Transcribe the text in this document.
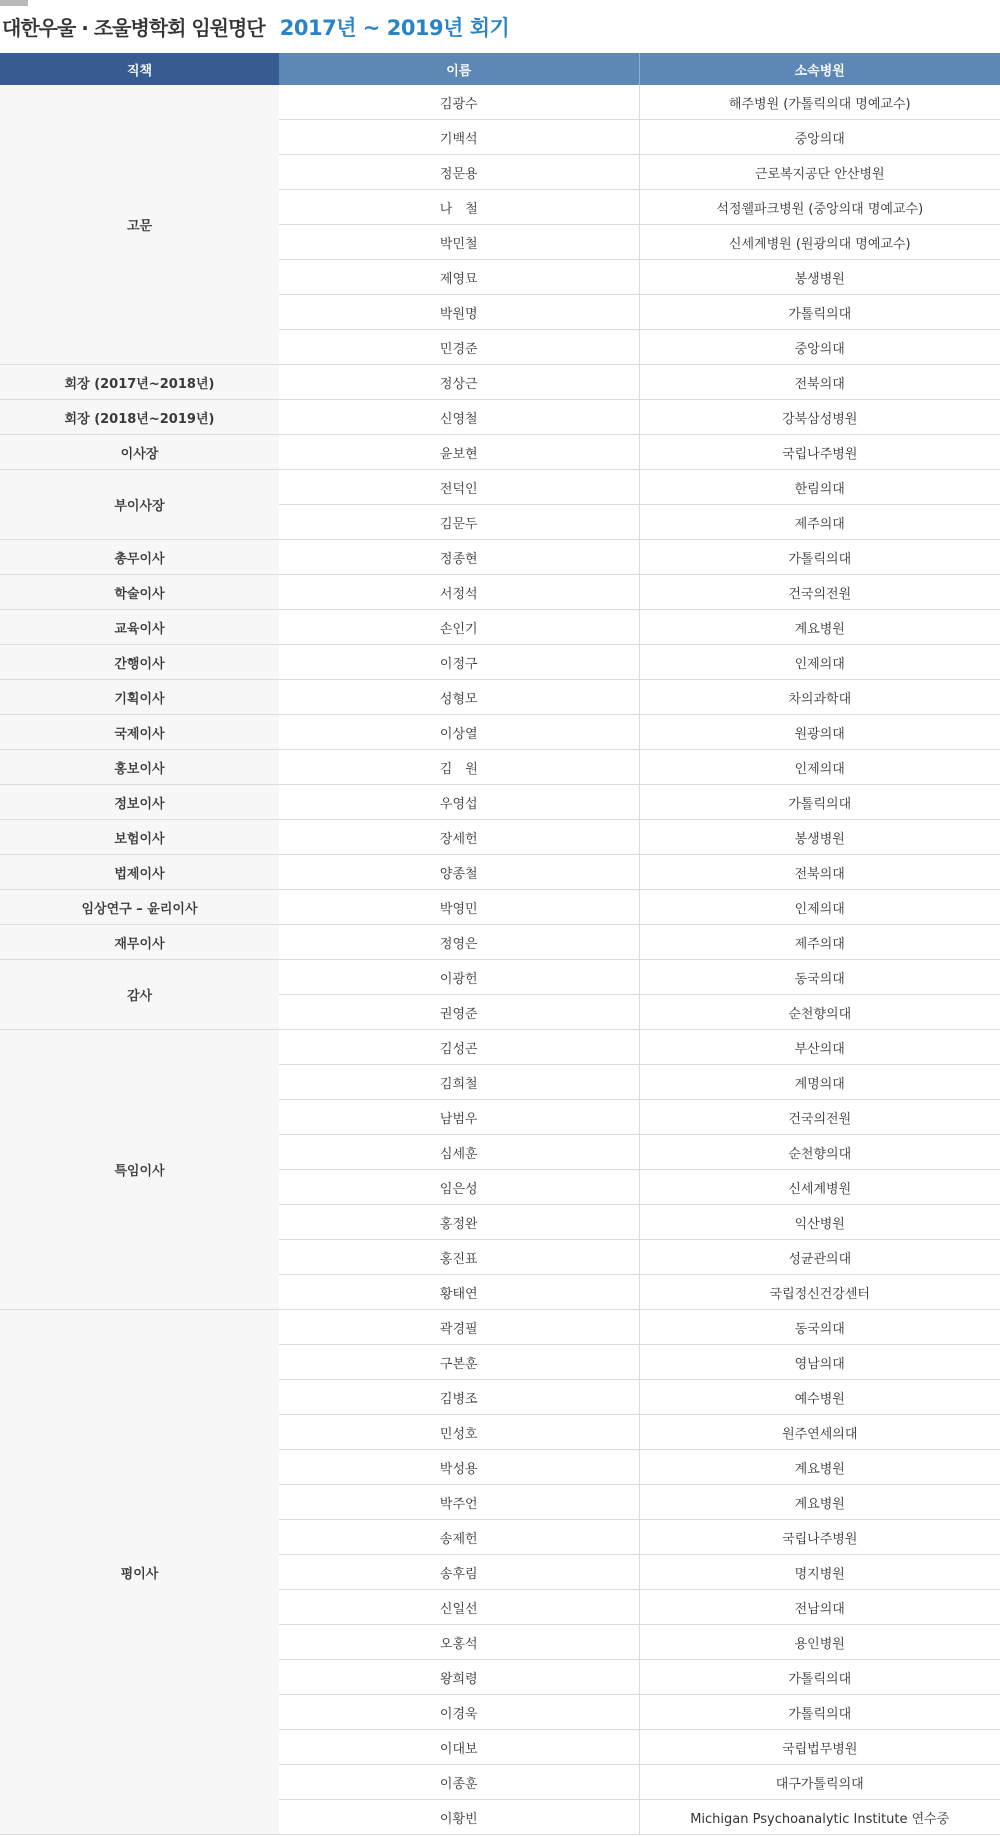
대한우울 · 조울병학회 임원명단 2017년 ~ 2019년 회기
직책	이름	소속병원
고문	김광수	해주병원 (가톨릭의대 명예교수)
	기백석	중앙의대
	정문용	근로복지공단 안산병원
	나　철	석정웰파크병원 (중앙의대 명예교수)
	박민철	신세계병원 (원광의대 명예교수)
	제영묘	봉생병원
	박원명	가톨릭의대
	민경준	중앙의대
회장 (2017년~2018년)	정상근	전북의대
회장 (2018년~2019년)	신영철	강북삼성병원
이사장	윤보현	국립나주병원
부이사장	전덕인	한림의대
	김문두	제주의대
총무이사	정종현	가톨릭의대
학술이사	서정석	건국의전원
교육이사	손인기	계요병원
간행이사	이정구	인제의대
기획이사	성형모	차의과학대
국제이사	이상열	원광의대
홍보이사	김　원	인제의대
정보이사	우영섭	가톨릭의대
보험이사	장세헌	봉생병원
법제이사	양종철	전북의대
임상연구 – 윤리이사	박영민	인제의대
재무이사	정영은	제주의대
감사	이광헌	동국의대
	권영준	순천향의대
특임이사	김성곤	부산의대
	김희철	계명의대
	남범우	건국의전원
	심세훈	순천향의대
	임은성	신세계병원
	홍정완	익산병원
	홍진표	성균관의대
	황태연	국립정신건강센터
평이사	곽경필	동국의대
	구본훈	영남의대
	김병조	예수병원
	민성호	원주연세의대
	박성용	계요병원
	박주언	계요병원
	송제헌	국립나주병원
	송후림	명지병원
	신일선	전남의대
	오홍석	용인병원
	왕희령	가톨릭의대
	이경욱	가톨릭의대
	이대보	국립법무병원
	이종훈	대구가톨릭의대
	이황빈	Michigan Psychoanalytic Institute 연수중
